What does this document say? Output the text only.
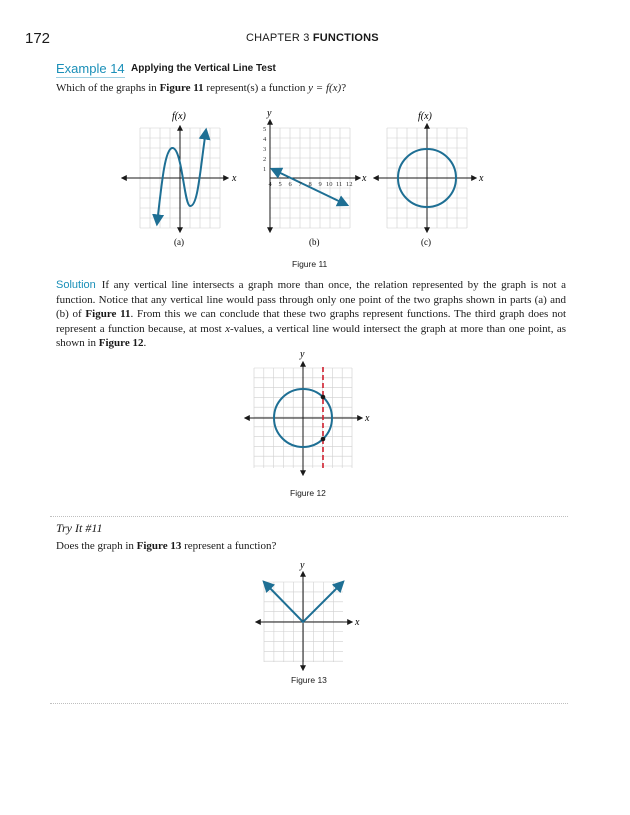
172	CHAPTER 3 FUNCTIONS
Example 14 Applying the Vertical Line Test
Which of the graphs in Figure 11 represent(s) a function y = f(x)?
f(x)
x
(a)
4 5 6 7 8 9 10 11 12
1
2
3
4
5
y
x
(b)
f(x)
x
(c)
Figure 11
Solution If any vertical line intersects a graph more than once, the relation represented by the graph is not a function. Notice that any vertical line would pass through only one point of the two graphs shown in parts (a) and (b) of Figure 11. From this we can conclude that these two graphs represent functions. The third graph does not represent a function because, at most x-values, a vertical line would intersect the graph at more than one point, as shown in Figure 12.
y
x
Figure 12
Try It #11
Does the graph in Figure 13 represent a function?
y
x
Figure 13
